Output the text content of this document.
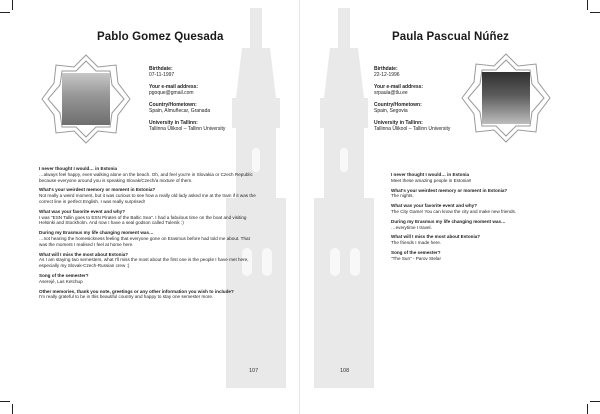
Pablo Gomez Quesada
Birthdate:
07-11-1997
Your e-mail address:
pgoque@gmail.com
Country/Hometown:
Spain, Almuñecar, Granada
University in Tallinn:
Tallinna Ülikool – Tallinn University
I never thought I would… in Estonia
…always feel happy, even walking alone on the beach. Oh, and feel you're in Slovakia or Czech Republic because everyone around you is speaking Slovak/Czech/a mixture of them.
What's your weirdest memory or moment in Estonia?
Not really a weird moment, but it was curious to see how a really old lady asked me at the tram if it was the correct line in perfect English. I was really surprised!
What was your favorite event and why?
I was "ESN Tallin goes to ESN Pirates of the Baltic Sea". I had a fabulous time on the boat and visiting Helsinki and Stockholm. And now I have a seal godson called Tulenik :)
During my Erasmus my life changing moment was…
…not hearing the homesickness feeling that everyone gone on Erasmus before had told me about. That was the moment I realised I feel at home here.
What will I miss the most about Estonia?
As I am staying two semesters, what I'll miss the most about the first one is the people I have met here, especially my Slovak-Czech-Russian crew :)
Song of the semester?
Aserejé, Las Ketchup
Other memories, thank you note, greetings or any other information you wish to include?
I'm really grateful to be in this beautiful country and happy to stay one semester more.
107
Paula Pascual Núñez
Birthdate:
22-12-1996
Your e-mail address:
srpaula@tlu.ee
Country/Hometown:
Spain, Segovia
University in Tallinn:
Tallinna Ülikool – Tallinn University
I never thought I would… in Estonia
Meet these amazing people in Estonia!!
What's your weirdest memory or moment in Estonia?
The nights.
What was your favorite event and why?
The City Game! You can know the city and make new friends.
During my Erasmus my life changing moment was…
…everytime I travel.
What will I miss the most about Estonia?
The friends I made here.
Song of the semester?
"The Sun" - Parov Stelar
108
